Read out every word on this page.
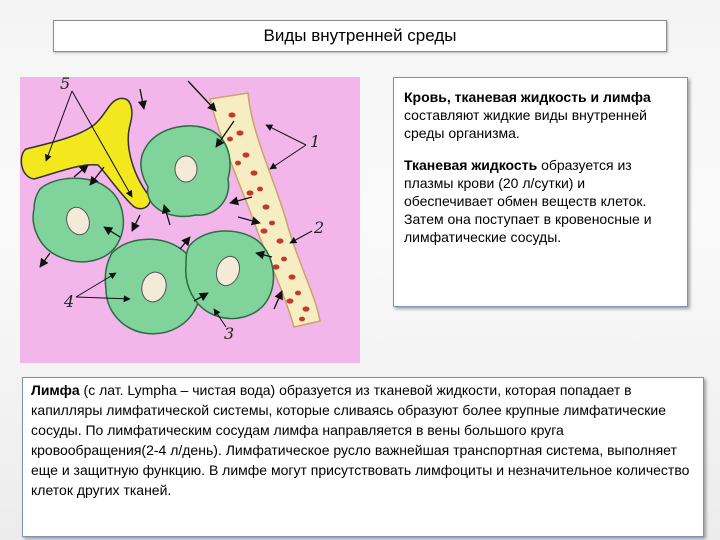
Виды внутренней среды
5
1
2
4
3

Кровь, тканевая жидкость и лимфа составляют жидкие виды внутренней среды организма.

Тканевая жидкость образуется из плазмы крови (20 л/сутки) и обеспечивает обмен веществ клеток. Затем она поступает в кровеносные и лимфатические сосуды.

Лимфа (с лат. Lympha – чистая вода) образуется из тканевой жидкости, которая попадает в капилляры лимфатической системы, которые сливаясь образуют более крупные лимфатические сосуды. По лимфатическим сосудам лимфа направляется в вены большого круга кровообращения(2-4 л/день). Лимфатическое русло важнейшая транспортная система, выполняет еще и защитную функцию. В лимфе могут присутствовать лимфоциты и незначительное количество клеток других тканей.
